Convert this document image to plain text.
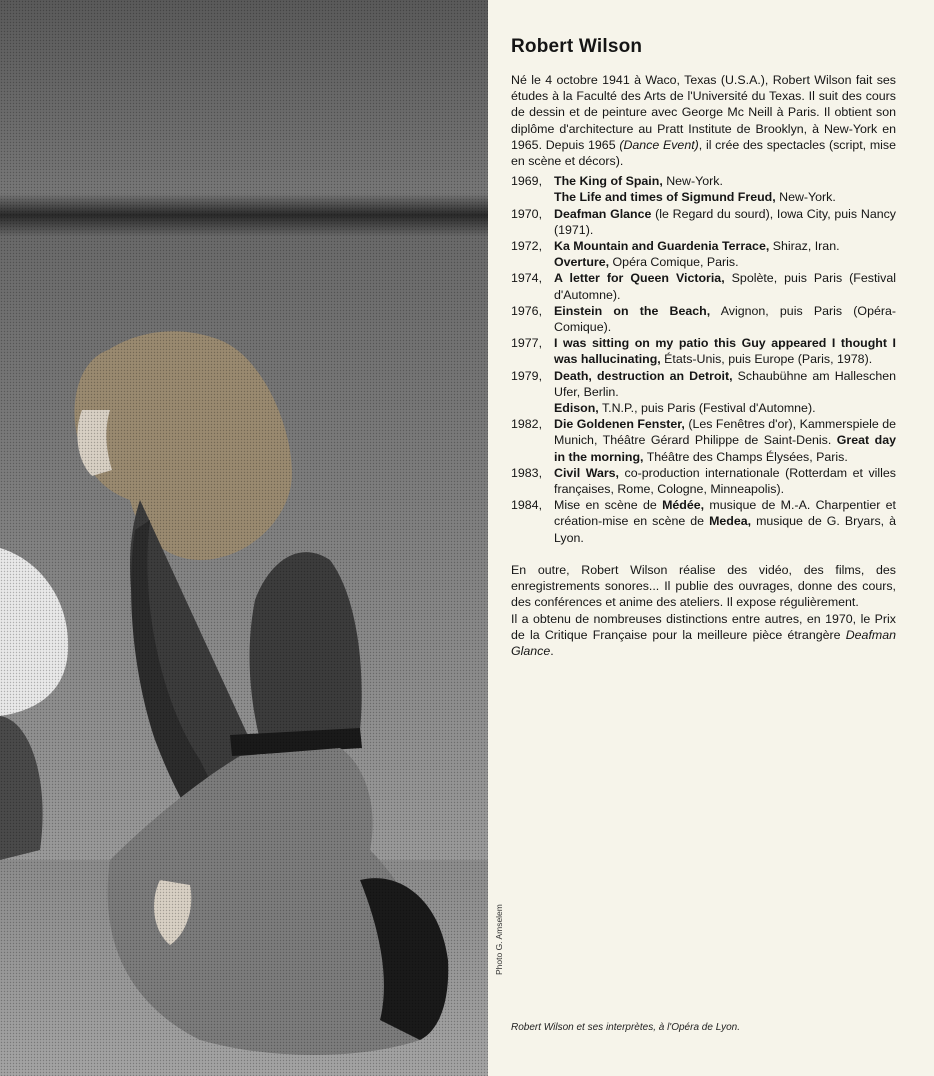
Photo G. Amselem
Robert Wilson

Né le 4 octobre 1941 à Waco, Texas (U.S.A.), Robert Wilson fait ses études à la Faculté des Arts de l'Université du Texas. Il suit des cours de dessin et de peinture avec George Mc Neill à Paris. Il obtient son diplôme d'architecture au Pratt Institute de Brooklyn, à New-York en 1965. Depuis 1965 (Dance Event), il crée des spectacles (script, mise en scène et décors).

1969, The King of Spain, New-York.

The Life and times of Sigmund Freud, New-York.

1970, Deafman Glance (le Regard du sourd), Iowa City, puis Nancy (1971).

1972, Ka Mountain and Guardenia Terrace, Shiraz, Iran.

Overture, Opéra Comique, Paris.

1974, A letter for Queen Victoria, Spolète, puis Paris (Festival d'Automne).

1976, Einstein on the Beach, Avignon, puis Paris (Opéra-Comique).

1977, I was sitting on my patio this Guy appeared I thought I was hallucinating, États-Unis, puis Europe (Paris, 1978).

1979, Death, destruction an Detroit, Schaubühne am Halleschen Ufer, Berlin.

Edison, T.N.P., puis Paris (Festival d'Automne).

1982, Die Goldenen Fenster, (Les Fenêtres d'or), Kammerspiele de Munich, Théâtre Gérard Philippe de Saint-Denis. Great day in the morning, Théâtre des Champs Élysées, Paris.

1983, Civil Wars, co-production internationale (Rotterdam et villes françaises, Rome, Cologne, Minneapolis).

1984, Mise en scène de Médée, musique de M.-A. Charpentier et création-mise en scène de Medea, musique de G. Bryars, à Lyon.

En outre, Robert Wilson réalise des vidéo, des films, des enregistrements sonores... Il publie des ouvrages, donne des cours, des conférences et anime des ateliers. Il expose régulièrement.

Il a obtenu de nombreuses distinctions entre autres, en 1970, le Prix de la Critique Française pour la meilleure pièce étrangère Deafman Glance.

Robert Wilson et ses interprètes, à l'Opéra de Lyon.
